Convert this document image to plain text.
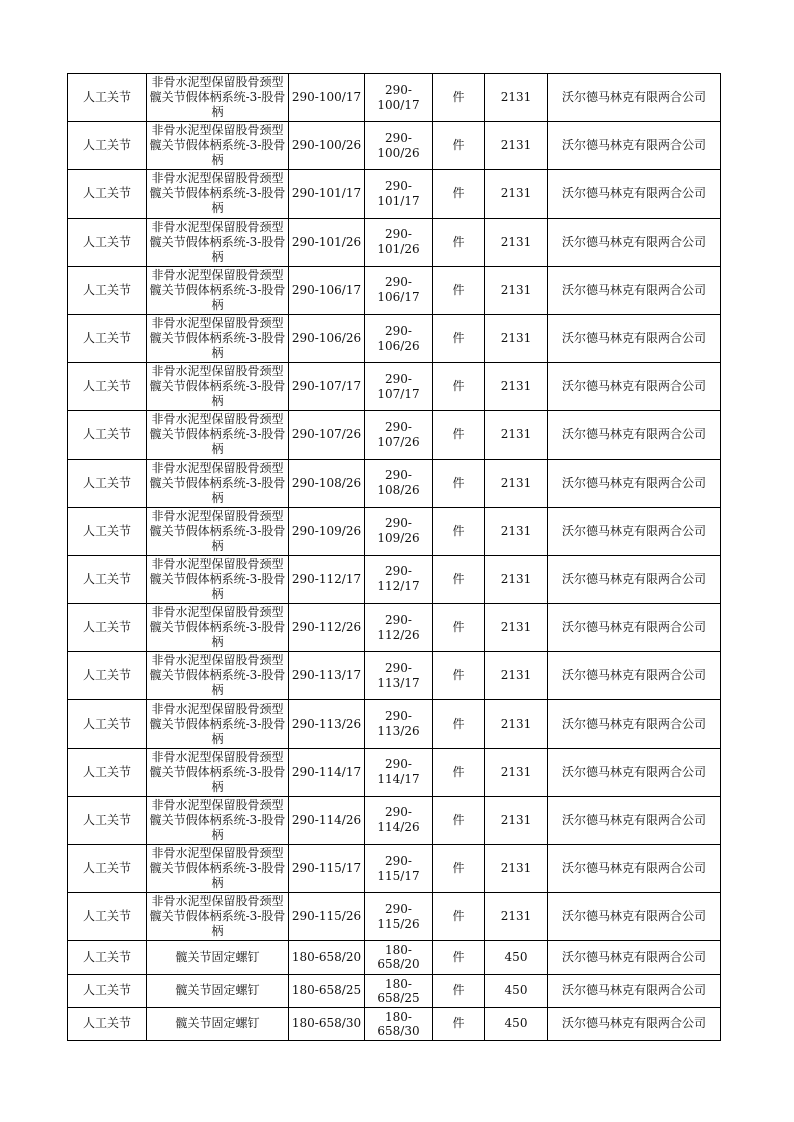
人工关节	非骨水泥型保留股骨颈型髋关节假体柄系统-3-股骨柄	290-100/17	290-100/17	件	2131	沃尔德马林克有限两合公司
人工关节	非骨水泥型保留股骨颈型髋关节假体柄系统-3-股骨柄	290-100/26	290-100/26	件	2131	沃尔德马林克有限两合公司
人工关节	非骨水泥型保留股骨颈型髋关节假体柄系统-3-股骨柄	290-101/17	290-101/17	件	2131	沃尔德马林克有限两合公司
人工关节	非骨水泥型保留股骨颈型髋关节假体柄系统-3-股骨柄	290-101/26	290-101/26	件	2131	沃尔德马林克有限两合公司
人工关节	非骨水泥型保留股骨颈型髋关节假体柄系统-3-股骨柄	290-106/17	290-106/17	件	2131	沃尔德马林克有限两合公司
人工关节	非骨水泥型保留股骨颈型髋关节假体柄系统-3-股骨柄	290-106/26	290-106/26	件	2131	沃尔德马林克有限两合公司
人工关节	非骨水泥型保留股骨颈型髋关节假体柄系统-3-股骨柄	290-107/17	290-107/17	件	2131	沃尔德马林克有限两合公司
人工关节	非骨水泥型保留股骨颈型髋关节假体柄系统-3-股骨柄	290-107/26	290-107/26	件	2131	沃尔德马林克有限两合公司
人工关节	非骨水泥型保留股骨颈型髋关节假体柄系统-3-股骨柄	290-108/26	290-108/26	件	2131	沃尔德马林克有限两合公司
人工关节	非骨水泥型保留股骨颈型髋关节假体柄系统-3-股骨柄	290-109/26	290-109/26	件	2131	沃尔德马林克有限两合公司
人工关节	非骨水泥型保留股骨颈型髋关节假体柄系统-3-股骨柄	290-112/17	290-112/17	件	2131	沃尔德马林克有限两合公司
人工关节	非骨水泥型保留股骨颈型髋关节假体柄系统-3-股骨柄	290-112/26	290-112/26	件	2131	沃尔德马林克有限两合公司
人工关节	非骨水泥型保留股骨颈型髋关节假体柄系统-3-股骨柄	290-113/17	290-113/17	件	2131	沃尔德马林克有限两合公司
人工关节	非骨水泥型保留股骨颈型髋关节假体柄系统-3-股骨柄	290-113/26	290-113/26	件	2131	沃尔德马林克有限两合公司
人工关节	非骨水泥型保留股骨颈型髋关节假体柄系统-3-股骨柄	290-114/17	290-114/17	件	2131	沃尔德马林克有限两合公司
人工关节	非骨水泥型保留股骨颈型髋关节假体柄系统-3-股骨柄	290-114/26	290-114/26	件	2131	沃尔德马林克有限两合公司
人工关节	非骨水泥型保留股骨颈型髋关节假体柄系统-3-股骨柄	290-115/17	290-115/17	件	2131	沃尔德马林克有限两合公司
人工关节	非骨水泥型保留股骨颈型髋关节假体柄系统-3-股骨柄	290-115/26	290-115/26	件	2131	沃尔德马林克有限两合公司
人工关节	髋关节固定螺钉	180-658/20	180-658/20	件	450	沃尔德马林克有限两合公司
人工关节	髋关节固定螺钉	180-658/25	180-658/25	件	450	沃尔德马林克有限两合公司
人工关节	髋关节固定螺钉	180-658/30	180-658/30	件	450	沃尔德马林克有限两合公司
